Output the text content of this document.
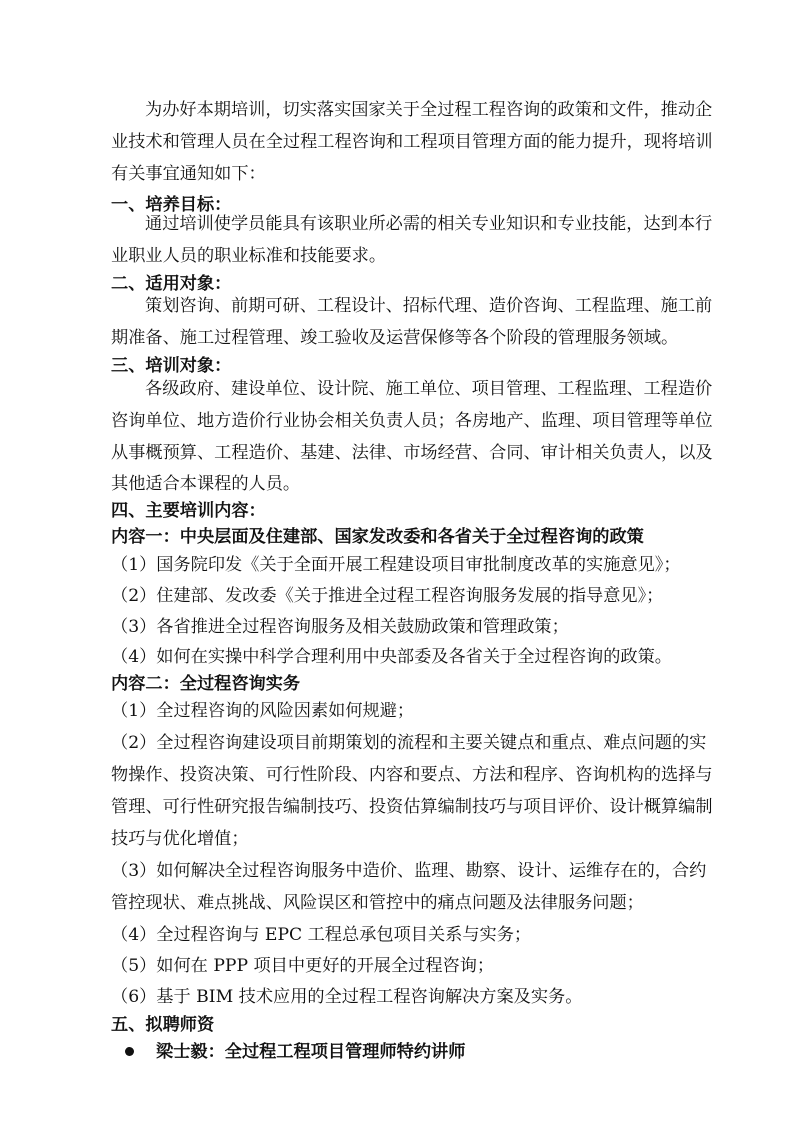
为办好本期培训，切实落实国家关于全过程工程咨询的政策和文件，推动企
业技术和管理人员在全过程工程咨询和工程项目管理方面的能力提升，现将培训
有关事宜通知如下：
一、培养目标：
通过培训使学员能具有该职业所必需的相关专业知识和专业技能，达到本行
业职业人员的职业标准和技能要求。
二、适用对象：
策划咨询、前期可研、工程设计、招标代理、造价咨询、工程监理、施工前
期准备、施工过程管理、竣工验收及运营保修等各个阶段的管理服务领域。
三、培训对象：
各级政府、建设单位、设计院、施工单位、项目管理、工程监理、工程造价
咨询单位、地方造价行业协会相关负责人员；各房地产、监理、项目管理等单位
从事概预算、工程造价、基建、法律、市场经营、合同、审计相关负责人，以及
其他适合本课程的人员。
四、主要培训内容：
内容一：中央层面及住建部、国家发改委和各省关于全过程咨询的政策
（1）国务院印发《关于全面开展工程建设项目审批制度改革的实施意见》；
（2）住建部、发改委《关于推进全过程工程咨询服务发展的指导意见》；
（3）各省推进全过程咨询服务及相关鼓励政策和管理政策；
（4）如何在实操中科学合理利用中央部委及各省关于全过程咨询的政策。
内容二：全过程咨询实务
（1）全过程咨询的风险因素如何规避；
（2）全过程咨询建设项目前期策划的流程和主要关键点和重点、难点问题的实
物操作、投资决策、可行性阶段、内容和要点、方法和程序、咨询机构的选择与
管理、可行性研究报告编制技巧、投资估算编制技巧与项目评价、设计概算编制
技巧与优化增值；
（3）如何解决全过程咨询服务中造价、监理、勘察、设计、运维存在的，合约
管控现状、难点挑战、风险误区和管控中的痛点问题及法律服务问题；
（4）全过程咨询与 EPC 工程总承包项目关系与实务；
（5）如何在 PPP 项目中更好的开展全过程咨询；
（6）基于 BIM 技术应用的全过程工程咨询解决方案及实务。
五、拟聘师资
梁士毅：全过程工程项目管理师特约讲师
